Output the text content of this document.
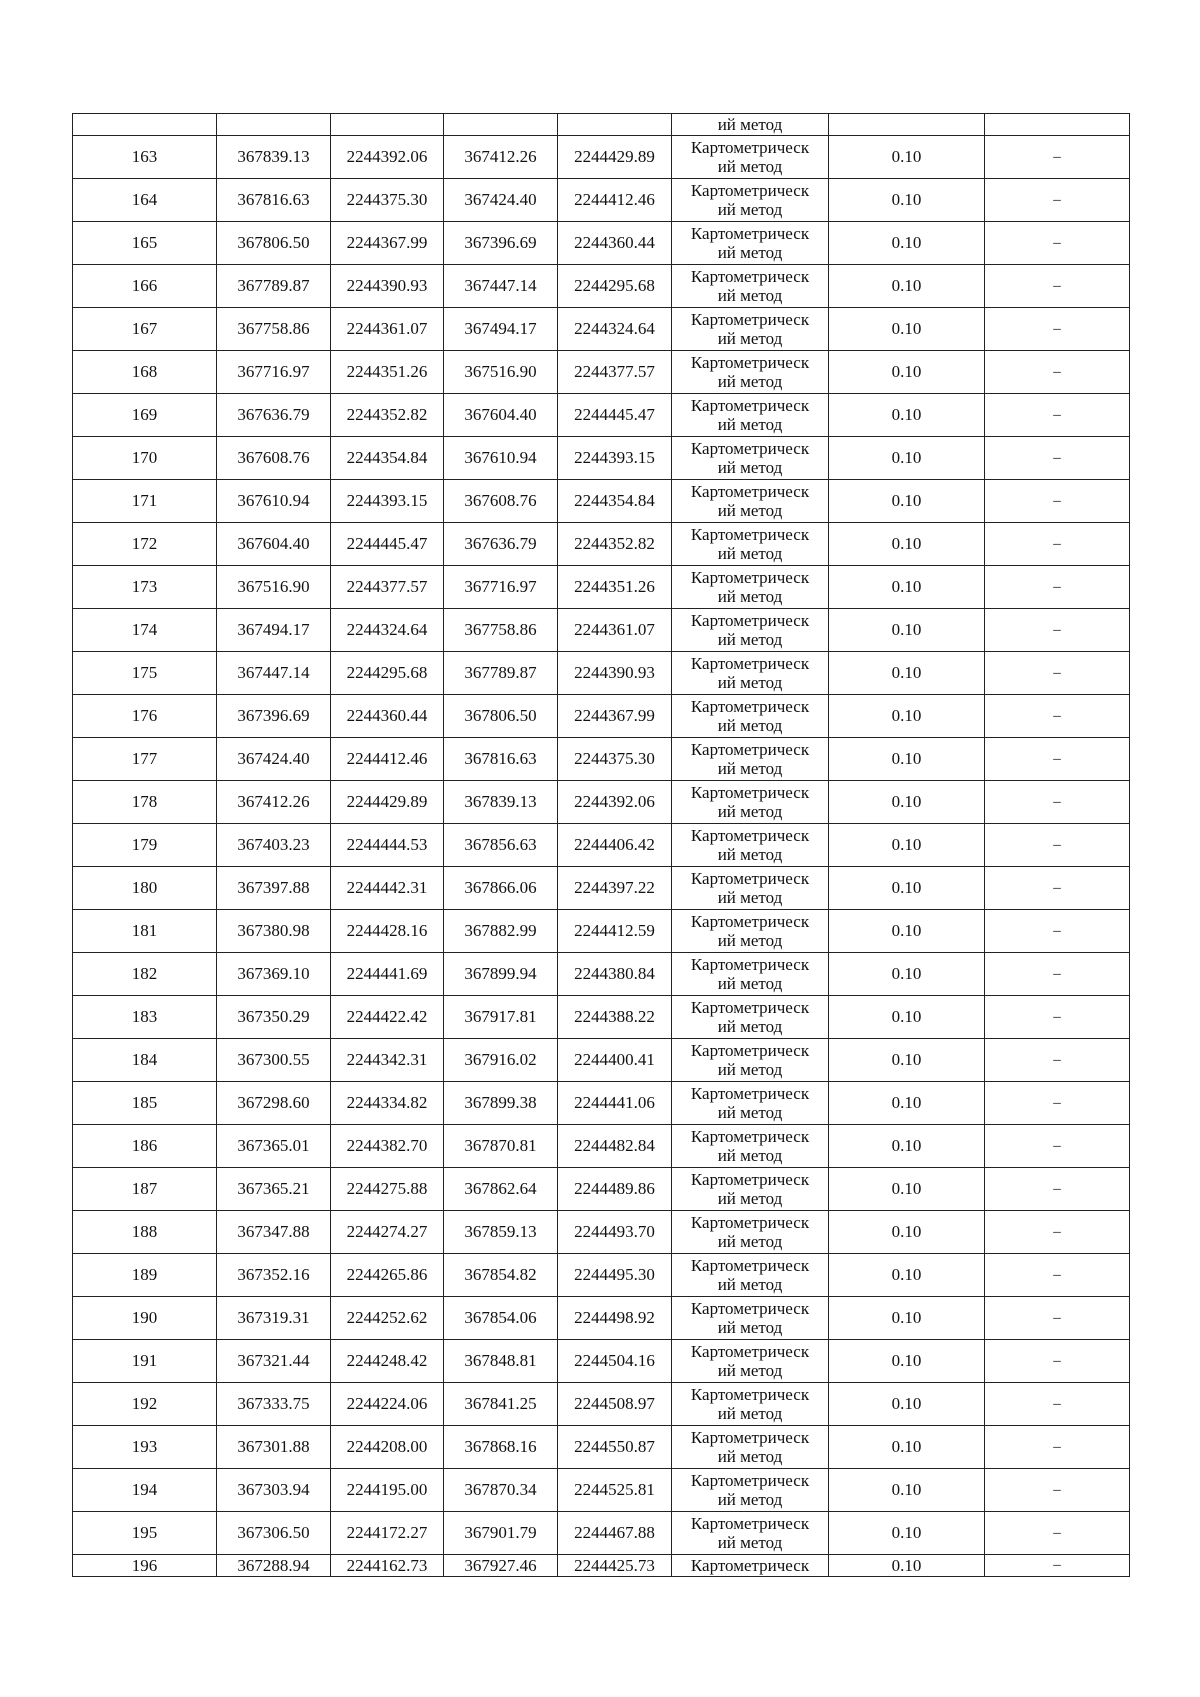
					ий метод		
163	367839.13	2244392.06	367412.26	2244429.89	Картометрическ
ий метод	0.10	–
164	367816.63	2244375.30	367424.40	2244412.46	Картометрическ
ий метод	0.10	–
165	367806.50	2244367.99	367396.69	2244360.44	Картометрическ
ий метод	0.10	–
166	367789.87	2244390.93	367447.14	2244295.68	Картометрическ
ий метод	0.10	–
167	367758.86	2244361.07	367494.17	2244324.64	Картометрическ
ий метод	0.10	–
168	367716.97	2244351.26	367516.90	2244377.57	Картометрическ
ий метод	0.10	–
169	367636.79	2244352.82	367604.40	2244445.47	Картометрическ
ий метод	0.10	–
170	367608.76	2244354.84	367610.94	2244393.15	Картометрическ
ий метод	0.10	–
171	367610.94	2244393.15	367608.76	2244354.84	Картометрическ
ий метод	0.10	–
172	367604.40	2244445.47	367636.79	2244352.82	Картометрическ
ий метод	0.10	–
173	367516.90	2244377.57	367716.97	2244351.26	Картометрическ
ий метод	0.10	–
174	367494.17	2244324.64	367758.86	2244361.07	Картометрическ
ий метод	0.10	–
175	367447.14	2244295.68	367789.87	2244390.93	Картометрическ
ий метод	0.10	–
176	367396.69	2244360.44	367806.50	2244367.99	Картометрическ
ий метод	0.10	–
177	367424.40	2244412.46	367816.63	2244375.30	Картометрическ
ий метод	0.10	–
178	367412.26	2244429.89	367839.13	2244392.06	Картометрическ
ий метод	0.10	–
179	367403.23	2244444.53	367856.63	2244406.42	Картометрическ
ий метод	0.10	–
180	367397.88	2244442.31	367866.06	2244397.22	Картометрическ
ий метод	0.10	–
181	367380.98	2244428.16	367882.99	2244412.59	Картометрическ
ий метод	0.10	–
182	367369.10	2244441.69	367899.94	2244380.84	Картометрическ
ий метод	0.10	–
183	367350.29	2244422.42	367917.81	2244388.22	Картометрическ
ий метод	0.10	–
184	367300.55	2244342.31	367916.02	2244400.41	Картометрическ
ий метод	0.10	–
185	367298.60	2244334.82	367899.38	2244441.06	Картометрическ
ий метод	0.10	–
186	367365.01	2244382.70	367870.81	2244482.84	Картометрическ
ий метод	0.10	–
187	367365.21	2244275.88	367862.64	2244489.86	Картометрическ
ий метод	0.10	–
188	367347.88	2244274.27	367859.13	2244493.70	Картометрическ
ий метод	0.10	–
189	367352.16	2244265.86	367854.82	2244495.30	Картометрическ
ий метод	0.10	–
190	367319.31	2244252.62	367854.06	2244498.92	Картометрическ
ий метод	0.10	–
191	367321.44	2244248.42	367848.81	2244504.16	Картометрическ
ий метод	0.10	–
192	367333.75	2244224.06	367841.25	2244508.97	Картометрическ
ий метод	0.10	–
193	367301.88	2244208.00	367868.16	2244550.87	Картометрическ
ий метод	0.10	–
194	367303.94	2244195.00	367870.34	2244525.81	Картометрическ
ий метод	0.10	–
195	367306.50	2244172.27	367901.79	2244467.88	Картометрическ
ий метод	0.10	–
196	367288.94	2244162.73	367927.46	2244425.73	Картометрическ	0.10	–
